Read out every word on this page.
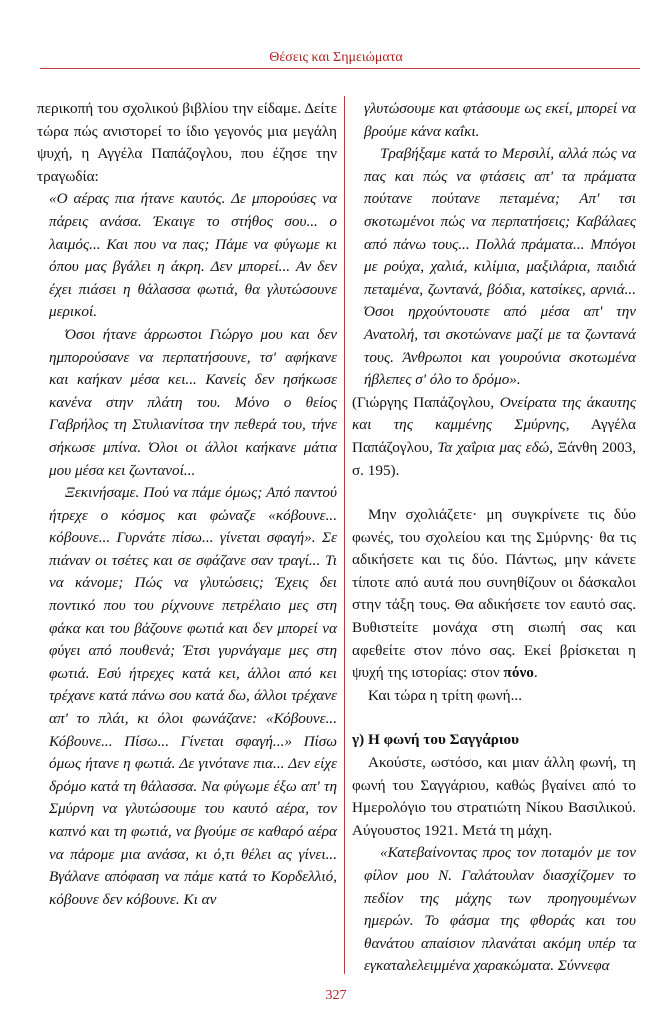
Θέσεις και Σημειώματα

περικοπή του σχολικού βιβλίου την είδαμε. Δείτε τώρα πώς ανιστορεί το ίδιο γεγονός μια μεγάλη ψυχή, η Αγγέλα Παπάζογλου, που έζησε την τραγωδία:

«Ο αέρας πια ήτανε καυτός. Δε μπορούσες να πάρεις ανάσα. Έκαιγε το στήθος σου... ο λαιμός... Και που να πας; Πάμε να φύγωμε κι όπου μας βγάλει η άκρη. Δεν μπορεί... Αν δεν έχει πιάσει η θάλασσα φωτιά, θα γλυτώσουνε μερικοί.

Όσοι ήτανε άρρωστοι Γιώργο μου και δεν ημπορούσανε να περπατήσουνε, τσ' αφήκανε και καήκαν μέσα κει... Κανείς δεν ησήκωσε κανένα στην πλάτη του. Μόνο ο θείος Γαβρήλος τη Στυλιανίτσα την πεθερά του, τήνε σήκωσε μπίνα. Όλοι οι άλλοι καήκανε μάτια μου μέσα κει ζωντανοί...

Ξεκινήσαμε. Πού να πάμε όμως; Από παντού ήτρεχε ο κόσμος και φώναζε «κόβουνε... κόβουνε... Γυρνάτε πίσω... γίνεται σφαγή». Σε πιάναν οι τσέτες και σε σφάζανε σαν τραγί... Τι να κάνομε; Πώς να γλυτώσεις; Έχεις δει ποντικό που του ρίχνουνε πετρέλαιο μες στη φάκα και του βάζουνε φωτιά και δεν μπορεί να φύγει από πουθενά; Έτσι γυρνάγαμε μες στη φωτιά. Εσύ ήτρεχες κατά κει, άλλοι από κει τρέχανε κατά πάνω σου κατά δω, άλλοι τρέχανε απ' το πλάι, κι όλοι φωνάζανε: «Κόβουνε... Κόβουνε... Πίσω... Γίνεται σφαγή...» Πίσω όμως ήτανε η φωτιά. Δε γινότανε πια... Δεν είχε δρόμο κατά τη θάλασσα. Να φύγωμε έξω απ' τη Σμύρνη να γλυτώσουμε του καυτό αέρα, τον καπνό και τη φωτιά, να βγούμε σε καθαρό αέρα να πάρομε μια ανάσα, κι ό,τι θέλει ας γίνει... Βγάλανε απόφαση να πάμε κατά το Κορδελλιό, κόβουνε δεν κόβουνε. Κι αν

γλυτώσουμε και φτάσουμε ως εκεί, μπορεί να βρούμε κάνα καΐκι.

Τραβήξαμε κατά το Μερσιλί, αλλά πώς να πας και πώς να φτάσεις απ' τα πράματα πούτανε πούτανε πεταμένα; Απ' τσι σκοτωμένοι πώς να περπατήσεις; Καβάλαες από πάνω τους... Πολλά πράματα... Μπόγοι με ρούχα, χαλιά, κιλίμια, μαξιλάρια, παιδιά πεταμένα, ζωντανά, βόδια, κατσίκες, αρνιά... Όσοι ηρχούντουστε από μέσα απ' την Ανατολή, τσι σκοτώνανε μαζί με τα ζωντανά τους. Άνθρωποι και γουρούνια σκοτωμένα ήβλεπες σ' όλο το δρόμο».

(Γιώργης Παπάζογλου, Ονείρατα της άκαυτης και της καμμένης Σμύρνης, Αγγέλα Παπάζογλου, Τα χαΐρια μας εδώ, Ξάνθη 2003, σ. 195).

Μην σχολιάζετε· μη συγκρίνετε τις δύο φωνές, του σχολείου και της Σμύρνης· θα τις αδικήσετε και τις δύο. Πάντως, μην κάνετε τίποτε από αυτά που συνηθίζουν οι δάσκαλοι στην τάξη τους. Θα αδικήσετε τον εαυτό σας. Βυθιστείτε μονάχα στη σιωπή σας και αφεθείτε στον πόνο σας. Εκεί βρίσκεται η ψυχή της ιστορίας: στον πόνο.

Και τώρα η τρίτη φωνή...

γ) Η φωνή του Σαγγάριου

Ακούστε, ωστόσο, και μιαν άλλη φωνή, τη φωνή του Σαγγάριου, καθώς βγαίνει από το Ημερολόγιο του στρατιώτη Νίκου Βασιλικού. Αύγουστος 1921. Μετά τη μάχη.

«Κατεβαίνοντας προς τον ποταμόν με τον φίλον μου Ν. Γαλάτουλαν διασχίζομεν το πεδίον της μάχης των προηγουμένων ημερών. Το φάσμα της φθοράς και του θανάτου απαίσιον πλανάται ακόμη υπέρ τα εγκαταλελειμμένα χαρακώματα. Σύννεφα

327
